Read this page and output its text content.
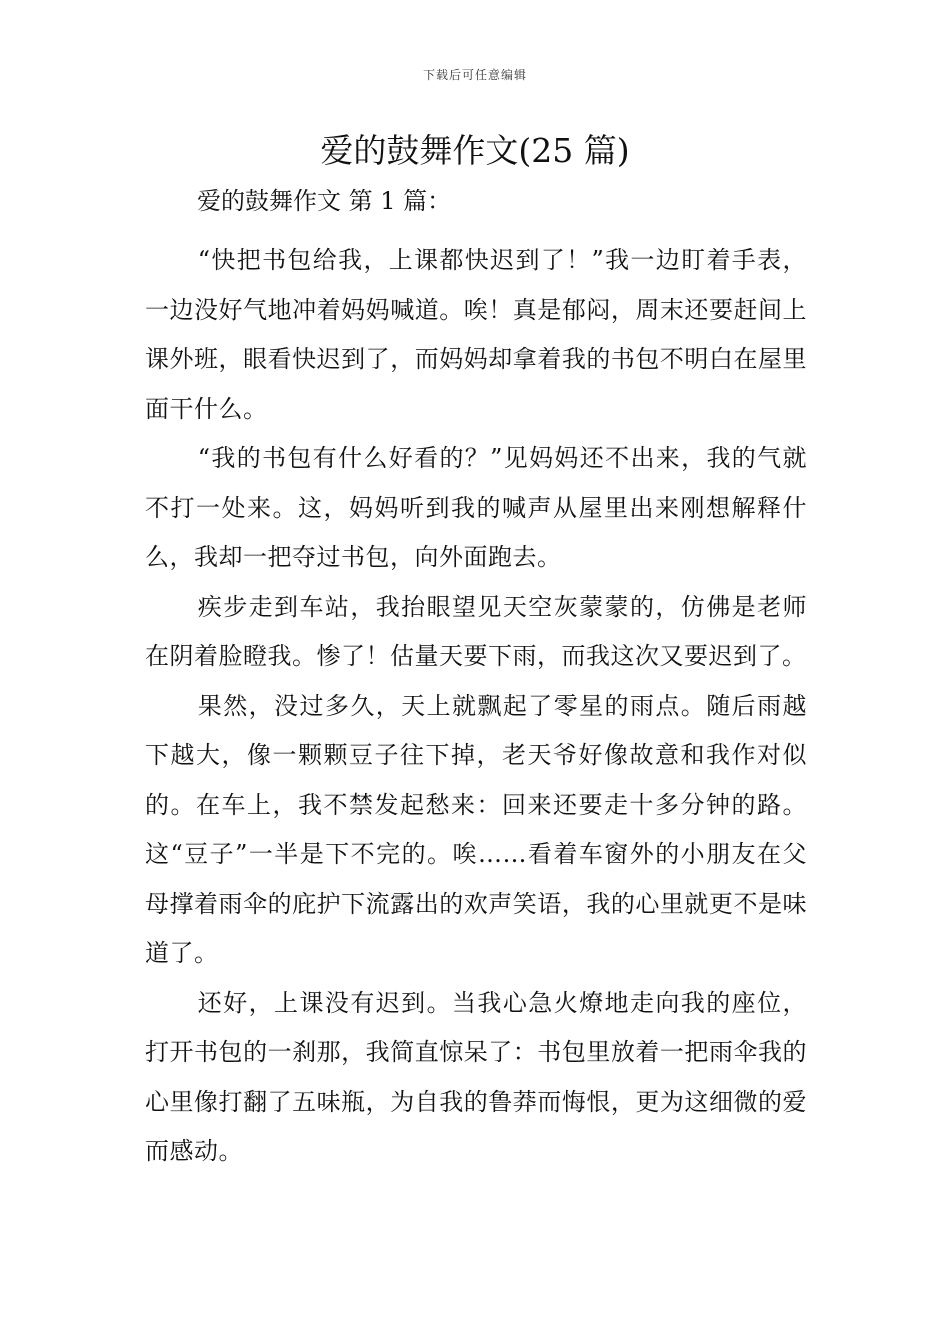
下载后可任意编辑
爱的鼓舞作文(25 篇)

爱的鼓舞作文 第 1 篇：

“快把书包给我，上课都快迟到了！”我一边盯着手表，一边没好气地冲着妈妈喊道。唉！真是郁闷，周末还要赶间上课外班，眼看快迟到了，而妈妈却拿着我的书包不明白在屋里面干什么。

“我的书包有什么好看的？”见妈妈还不出来，我的气就不打一处来。这，妈妈听到我的喊声从屋里出来刚想解释什么，我却一把夺过书包，向外面跑去。

疾步走到车站，我抬眼望见天空灰蒙蒙的，仿佛是老师在阴着脸瞪我。惨了！估量天要下雨，而我这次又要迟到了。

果然，没过多久，天上就飘起了零星的雨点。随后雨越下越大，像一颗颗豆子往下掉，老天爷好像故意和我作对似的。在车上，我不禁发起愁来：回来还要走十多分钟的路。这“豆子”一半是下不完的。唉……看着车窗外的小朋友在父母撑着雨伞的庇护下流露出的欢声笑语，我的心里就更不是味道了。

还好，上课没有迟到。当我心急火燎地走向我的座位，打开书包的一刹那，我简直惊呆了：书包里放着一把雨伞我的心里像打翻了五味瓶，为自我的鲁莽而悔恨，更为这细微的爱而感动。
